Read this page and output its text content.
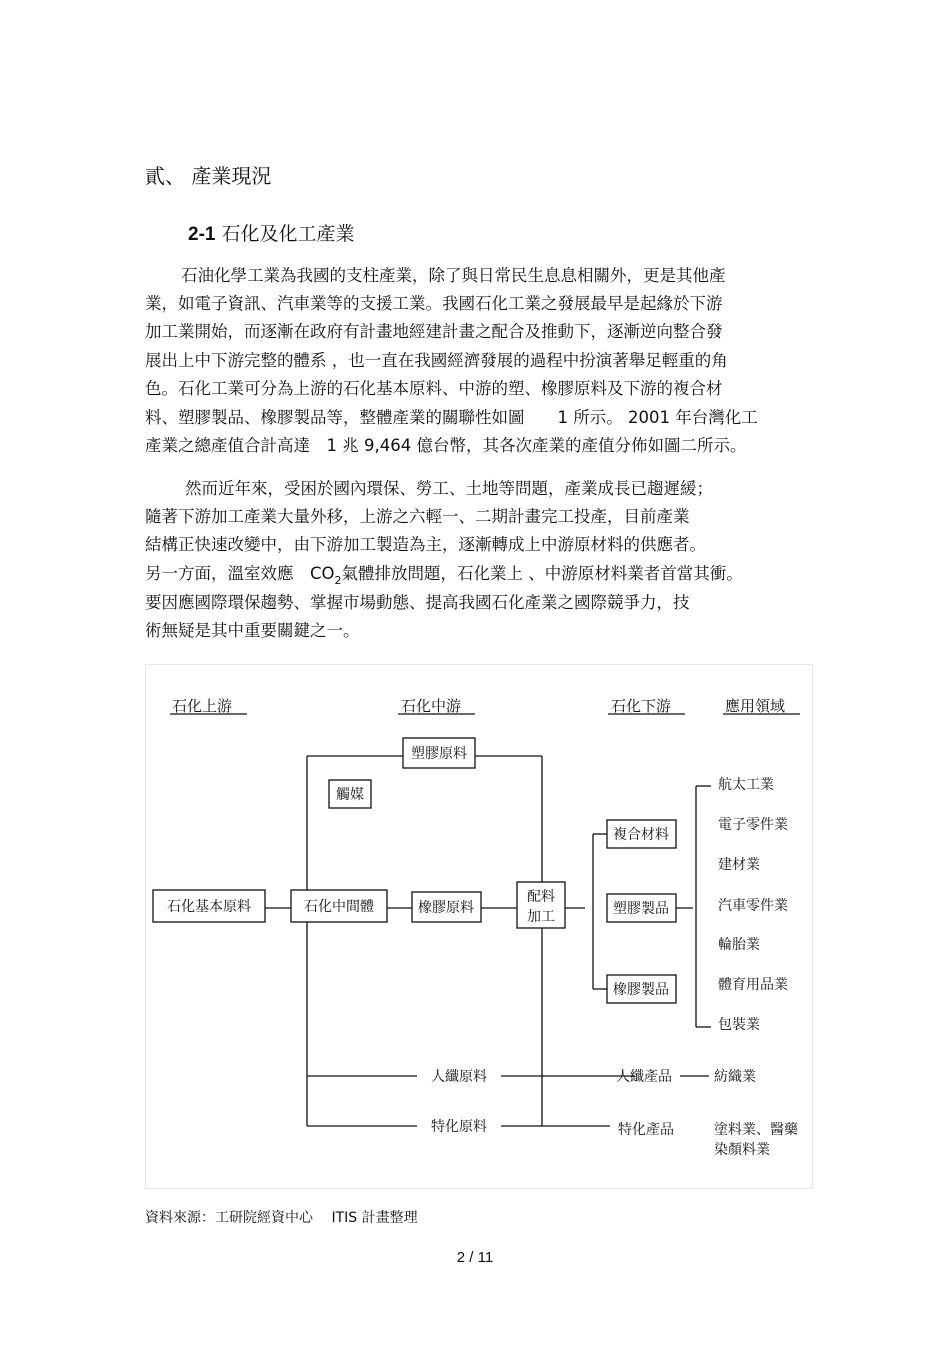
貳、 產業現況
2-1 石化及化工產業
石油化學工業為我國的支柱產業，除了與日常民生息息相關外，更是其他產
業，如電子資訊、汽車業等的支援工業。我國石化工業之發展最早是起緣於下游
加工業開始，而逐漸在政府有計畫地經建計畫之配合及推動下，逐漸逆向整合發
展出上中下游完整的體系 ，也一直在我國經濟發展的過程中扮演著舉足輕重的角
色。石化工業可分為上游的石化基本原料、中游的塑、橡膠原料及下游的複合材
料、塑膠製品、橡膠製品等，整體產業的關聯性如圖　　1 所示。 2001 年台灣化工
產業之總產值合計高達　1 兆 9,464 億台幣，其各次產業的產值分佈如圖二所示。
然而近年來，受困於國內環保、勞工、土地等問題，產業成長已趨遲緩；
隨著下游加工產業大量外移，上游之六輕一、二期計畫完工投產，目前產業
結構正快速改變中，由下游加工製造為主，逐漸轉成上中游原材料的供應者。
另一方面，溫室效應　$CO_2$氣體排放問題，石化業上 、中游原材料業者首當其衝。
要因應國際環保趨勢、掌握市場動態、提高我國石化產業之國際競爭力，技
術無疑是其中重要關鍵之一。
石化上游	石化中游	石化下游	應用領域
石化基本原料	石化中間體
塑膠原料
觸媒
橡膠原料
配料
加工
複合材料
塑膠製品
橡膠製品
人纖原料
特化原料
人纖產品
特化產品
航太工業
電子零件業
建材業
汽車零件業
輪胎業
體育用品業
包裝業
紡織業
塗料業、醫藥
染顏料業
資料來源：工研院經資中心　 ITIS 計畫整理
2 / 11
